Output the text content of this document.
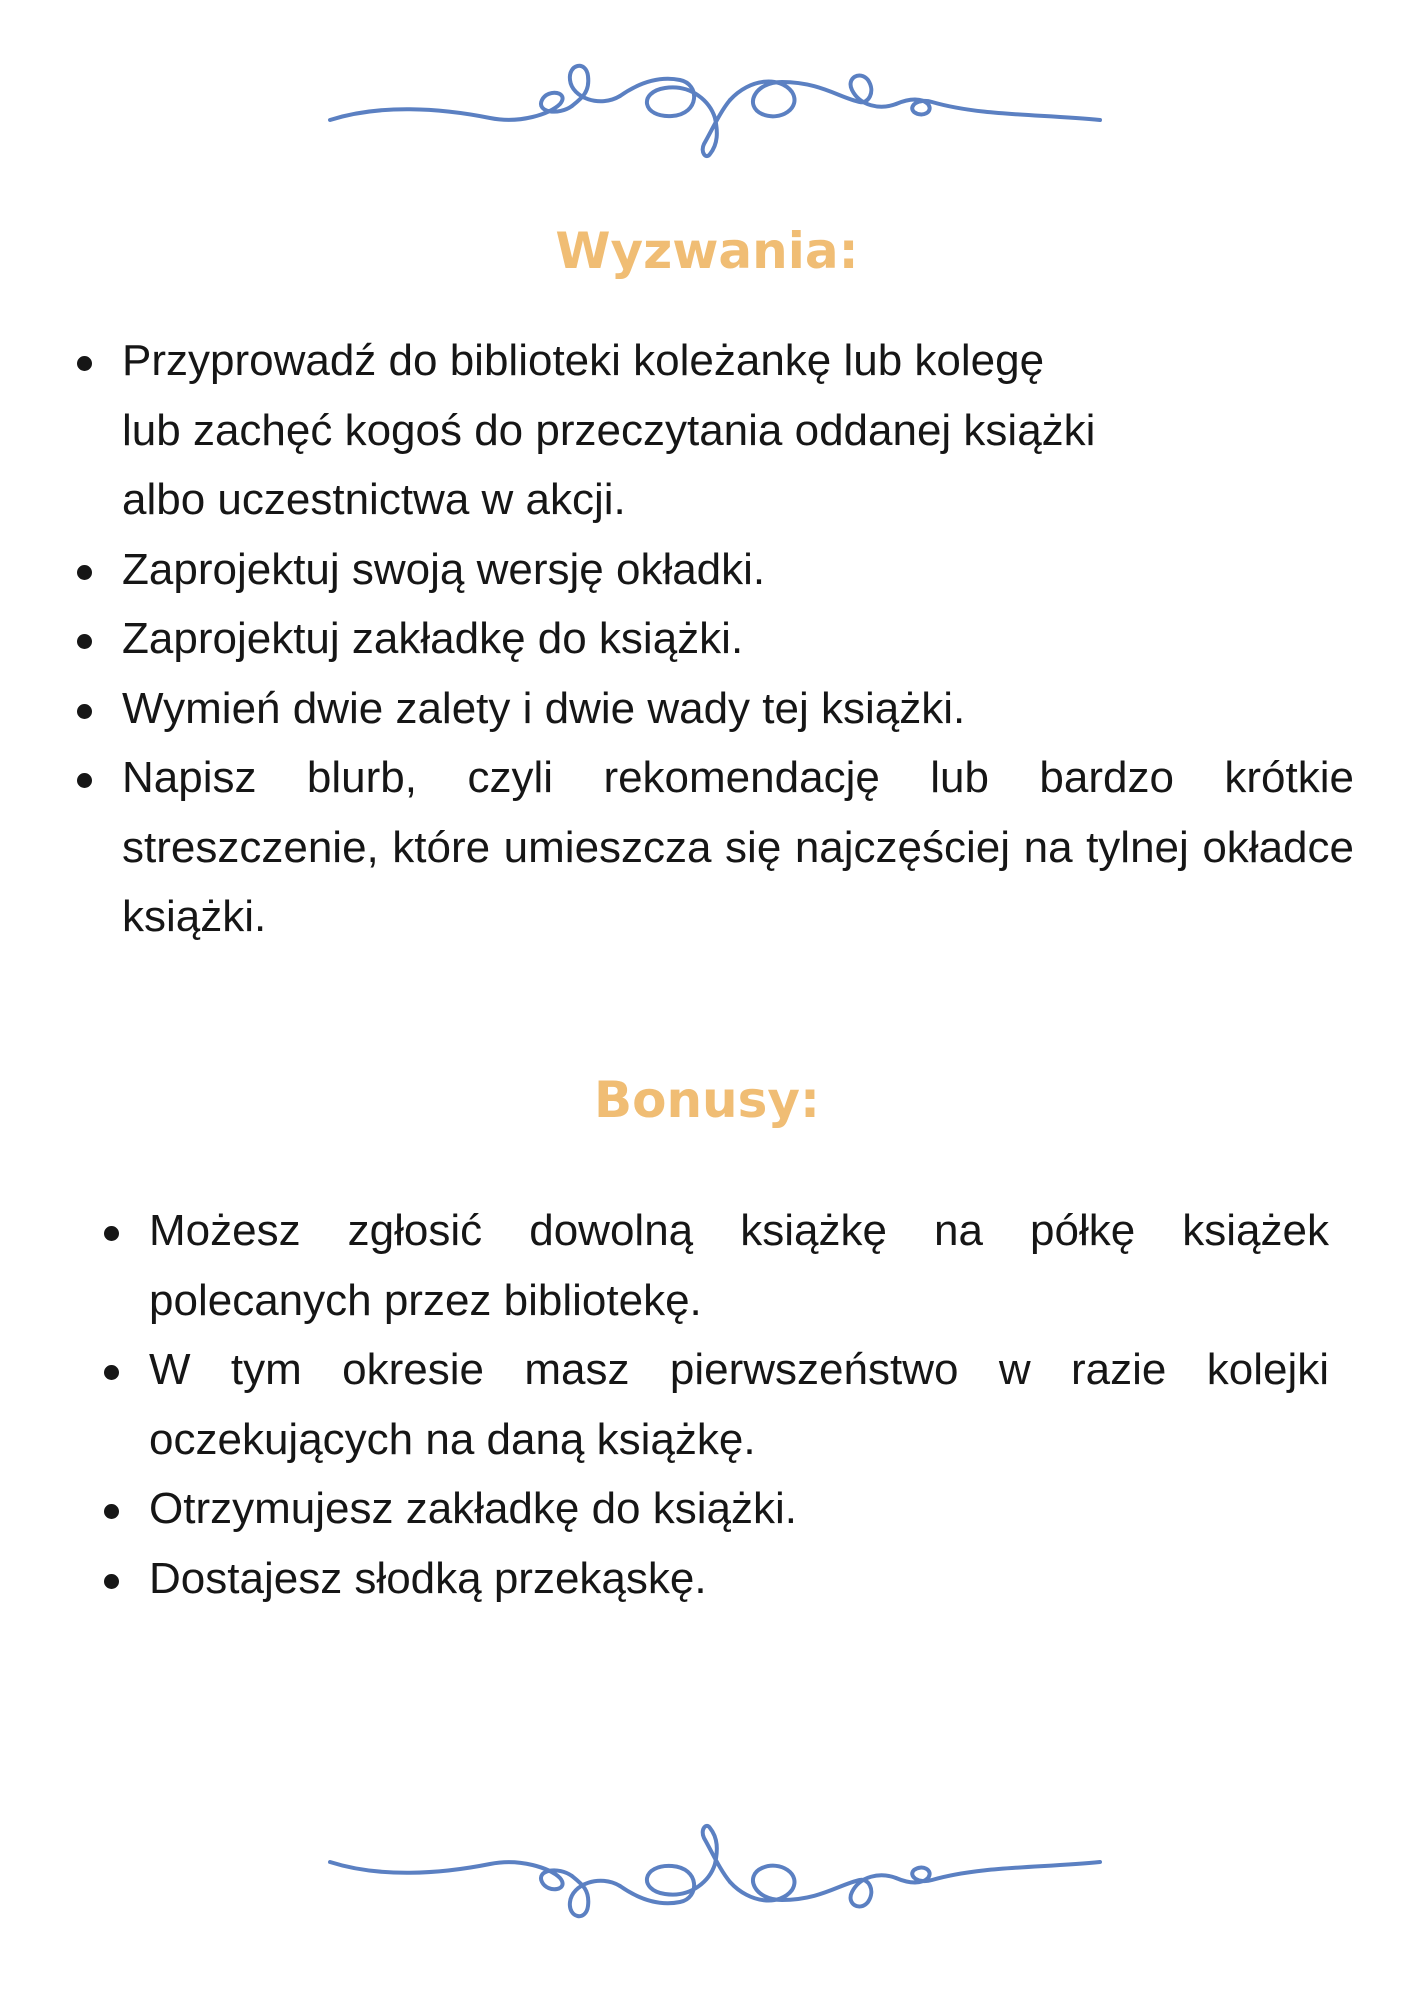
Wyzwania:
Przyprowadź do biblioteki koleżankę lub kolegę
lub zachęć kogoś do przeczytania oddanej książki
albo uczestnictwa w akcji.
Zaprojektuj swoją wersję okładki.
Zaprojektuj zakładkę do książki.
Wymień dwie zalety i dwie wady tej książki.
Napisz blurb, czyli rekomendację lub bardzo krótkie streszczenie, które umieszcza się najczęściej na tylnej okładce książki.
Bonusy:
Możesz zgłosić dowolną książkę na półkę książek polecanych przez bibliotekę.
W tym okresie masz pierwszeństwo w razie kolejki oczekujących na daną książkę.
Otrzymujesz zakładkę do książki.
Dostajesz słodką przekąskę.
